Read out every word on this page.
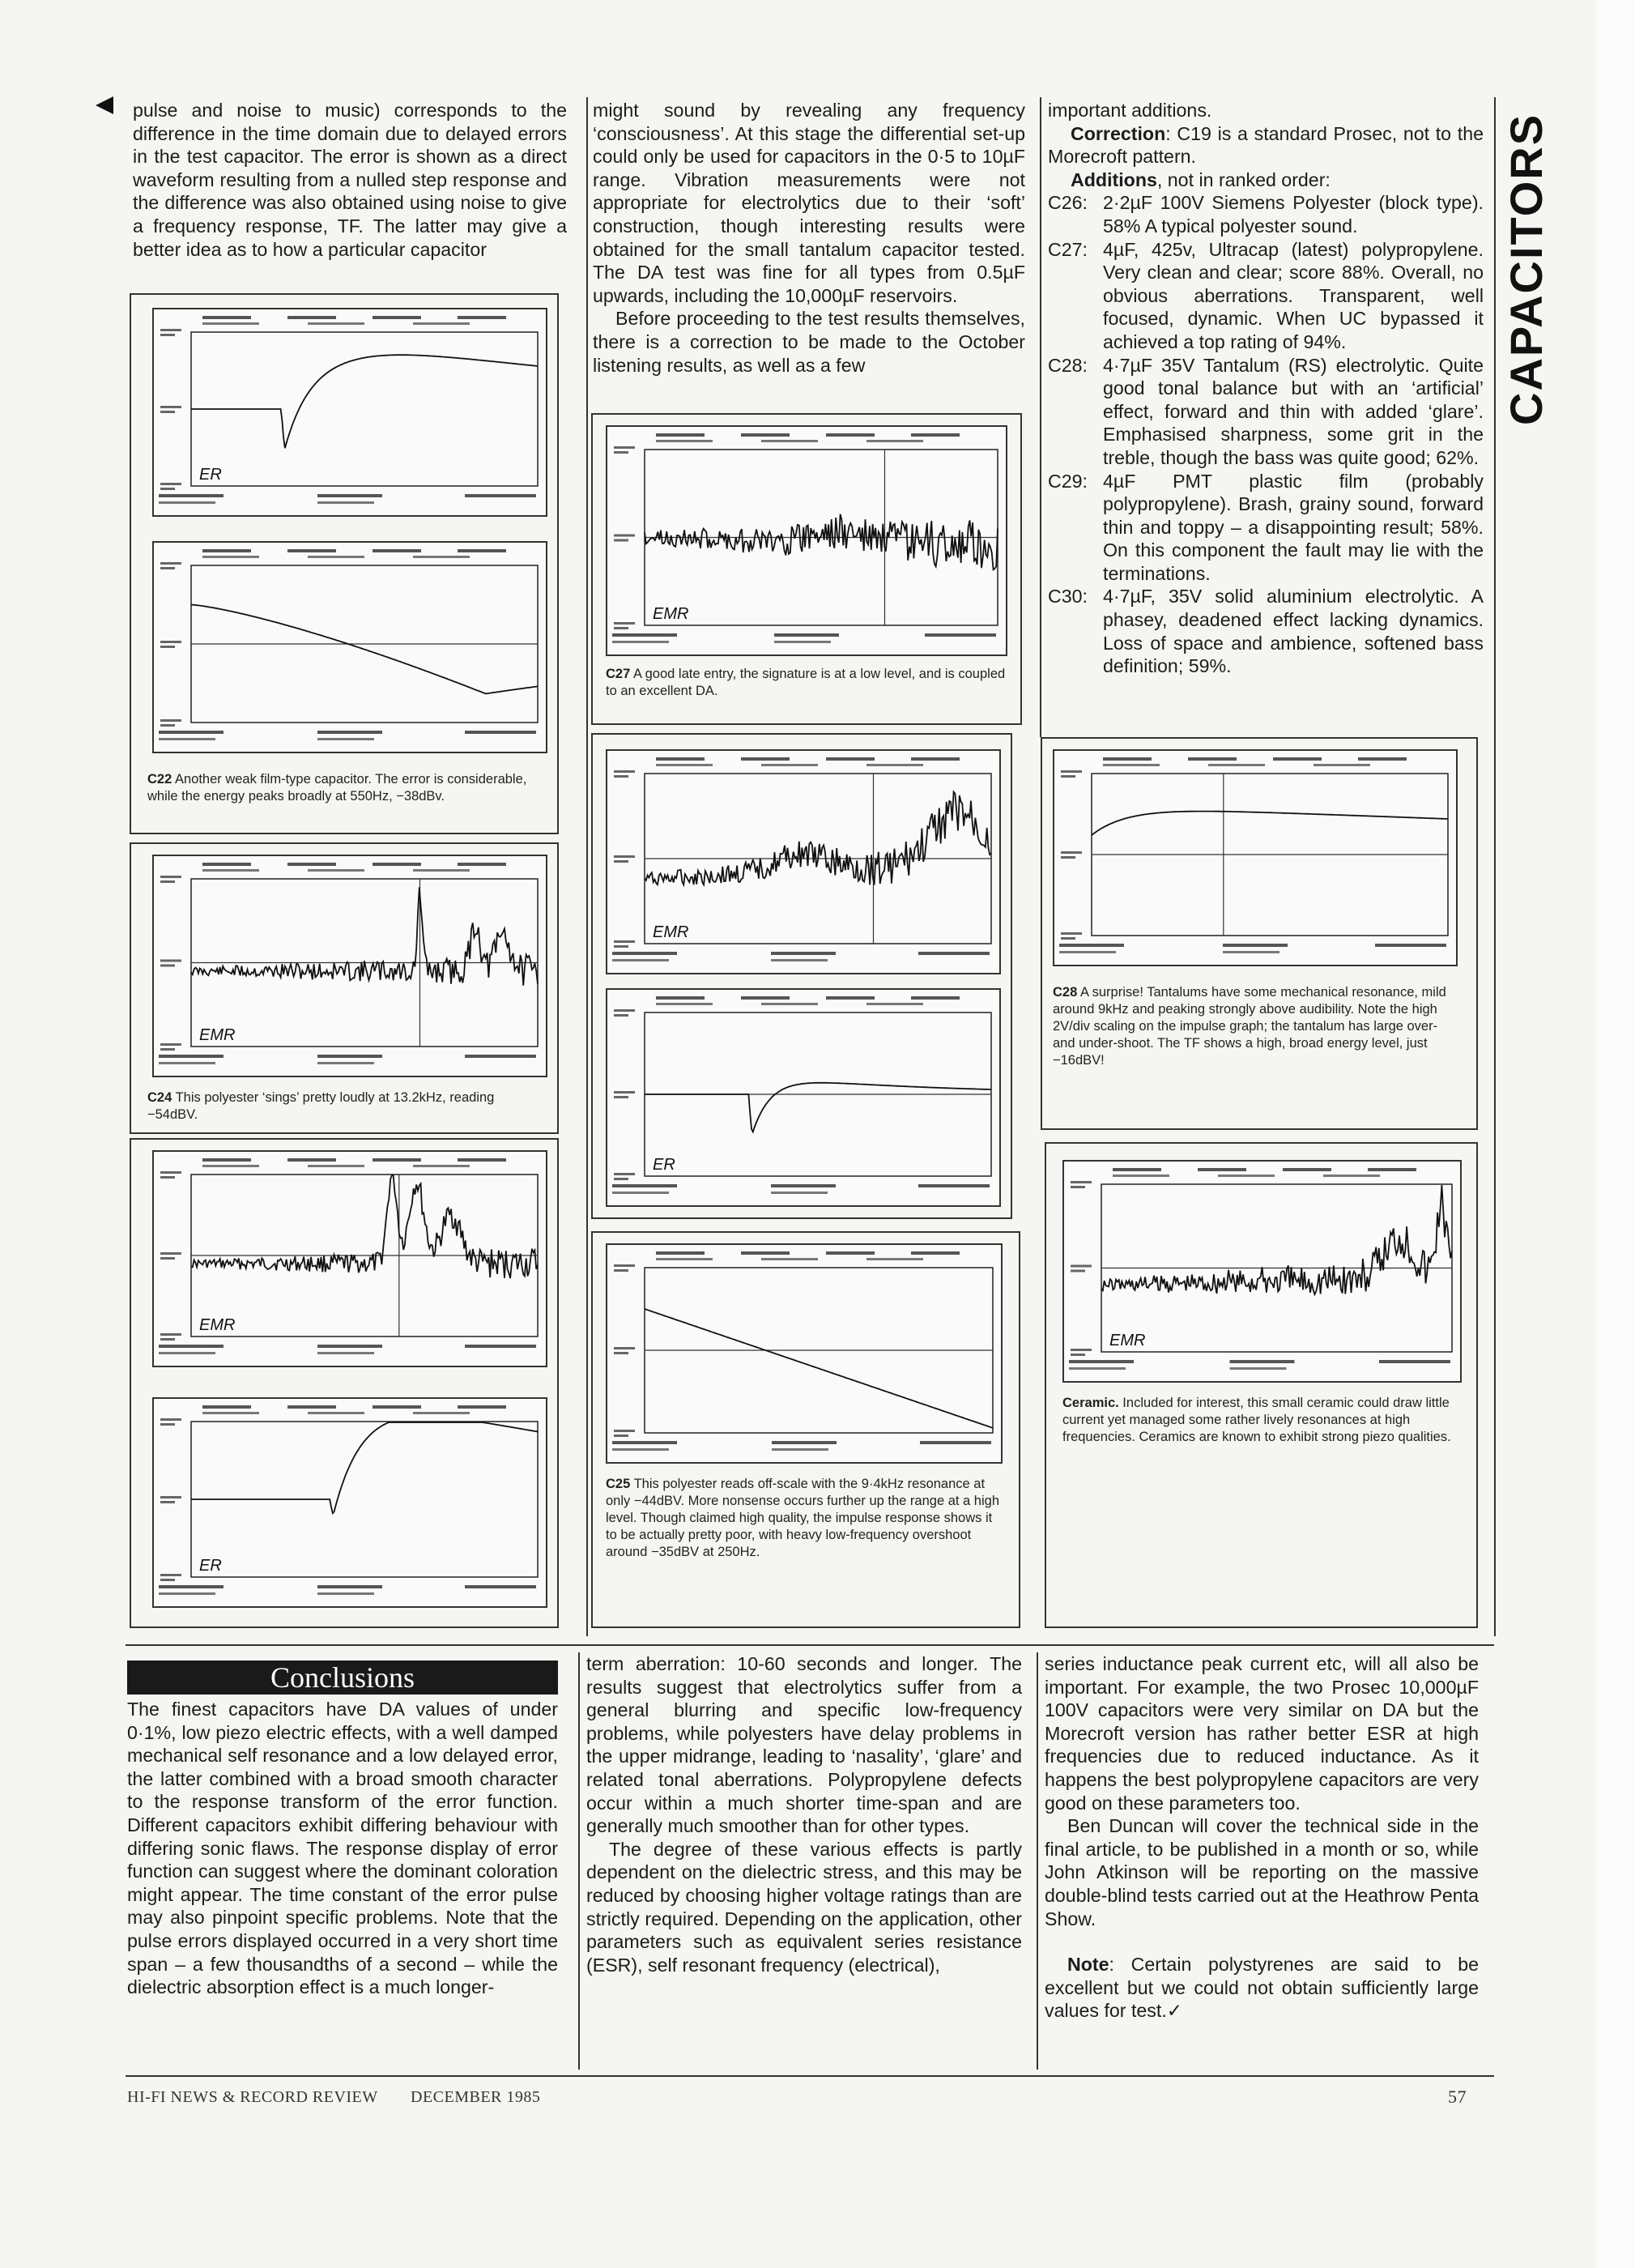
CAPACITORS

pulse and noise to music) corresponds to the difference in the time domain due to delayed errors in the test capacitor. The error is shown as a direct waveform resulting from a nulled step response and the difference was also obtained using noise to give a frequency response, TF. The latter may give a better idea as to how a particular capacitor

might sound by revealing any frequency ‘consciousness’. At this stage the differential set-up could only be used for capacitors in the 0·5 to 10µF range. Vibration measurements were not appropriate for electrolytics due to their ‘soft’ construction, though interesting results were obtained for the small tantalum capacitor tested. The DA test was fine for all types from 0.5µF upwards, including the 10,000µF reservoirs.

Before proceeding to the test results themselves, there is a correction to be made to the October listening results, as well as a few

important additions.

Correction: C19 is a standard Prosec, not to the Morecroft pattern.

Additions, not in ranked order:

C26: 2·2µF 100V Siemens Polyester (block type). 58% A typical polyester sound.
C27: 4µF, 425v, Ultracap (latest) polypropylene. Very clean and clear; score 88%. Overall, no obvious aberrations. Transparent, well focused, dynamic. When UC bypassed it achieved a top rating of 94%.
C28: 4·7µF 35V Tantalum (RS) electrolytic. Quite good tonal balance but with an ‘artificial’ effect, forward and thin with added ‘glare’. Emphasised sharpness, some grit in the treble, though the bass was quite good; 62%.
C29: 4µF PMT plastic film (probably polypropylene). Brash, grainy sound, forward thin and toppy – a disappointing result; 58%. On this component the fault may lie with the terminations.
C30: 4·7µF, 35V solid aluminium electrolytic. A phasey, deadened effect lacking dynamics. Loss of space and ambience, softened bass definition; 59%.
ER
EMR
EMR
ER
EMR
EMR
ER
EMR
C22 Another weak film-type capacitor. The error is considerable, while the energy peaks broadly at 550Hz, −38dBv.
C24 This polyester ‘sings’ pretty loudly at 13.2kHz, reading −54dBV.
C27 A good late entry, the signature is at a low level, and is coupled to an excellent DA.
C28 A surprise! Tantalums have some mechanical resonance, mild around 9kHz and peaking strongly above audibility. Note the high 2V/div scaling on the impulse graph; the tantalum has large over- and under-shoot. The TF shows a high, broad energy level, just −16dBV!
C25 This polyester reads off-scale with the 9·4kHz resonance at only −44dBV. More nonsense occurs further up the range at a high level. Though claimed high quality, the impulse response shows it to be actually pretty poor, with heavy low-frequency overshoot around −35dBV at 250Hz.
Ceramic. Included for interest, this small ceramic could draw little current yet managed some rather lively resonances at high frequencies. Ceramics are known to exhibit strong piezo qualities.
Conclusions

The finest capacitors have DA values of under 0·1%, low piezo electric effects, with a well damped mechanical self resonance and a low delayed error, the latter combined with a broad smooth character to the response transform of the error function. Different capacitors exhibit differing behaviour with differing sonic flaws. The response display of error function can suggest where the dominant coloration might appear. The time constant of the error pulse may also pinpoint specific problems. Note that the pulse errors displayed occurred in a very short time span – a few thousandths of a second – while the dielectric absorption effect is a much longer-

term aberration: 10-60 seconds and longer. The results suggest that electrolytics suffer from a general blurring and specific low-frequency problems, while polyesters have delay problems in the upper midrange, leading to ‘nasality’, ‘glare’ and related tonal aberrations. Polypropylene defects occur within a much shorter time-span and are generally much smoother than for other types.

The degree of these various effects is partly dependent on the dielectric stress, and this may be reduced by choosing higher voltage ratings than are strictly required. Depending on the application, other parameters such as equivalent series resistance (ESR), self resonant frequency (electrical),

series inductance peak current etc, will all also be important. For example, the two Prosec 10,000µF 100V capacitors were very similar on DA but the Morecroft version has rather better ESR at high frequencies due to reduced inductance. As it happens the best polypropylene capacitors are very good on these parameters too.

Ben Duncan will cover the technical side in the final article, to be published in a month or so, while John Atkinson will be reporting on the massive double-blind tests carried out at the Heathrow Penta Show.

Note: Certain polystyrenes are said to be excellent but we could not obtain sufficiently large values for test.✓

HI-FI NEWS & RECORD REVIEW DECEMBER 1985	57
